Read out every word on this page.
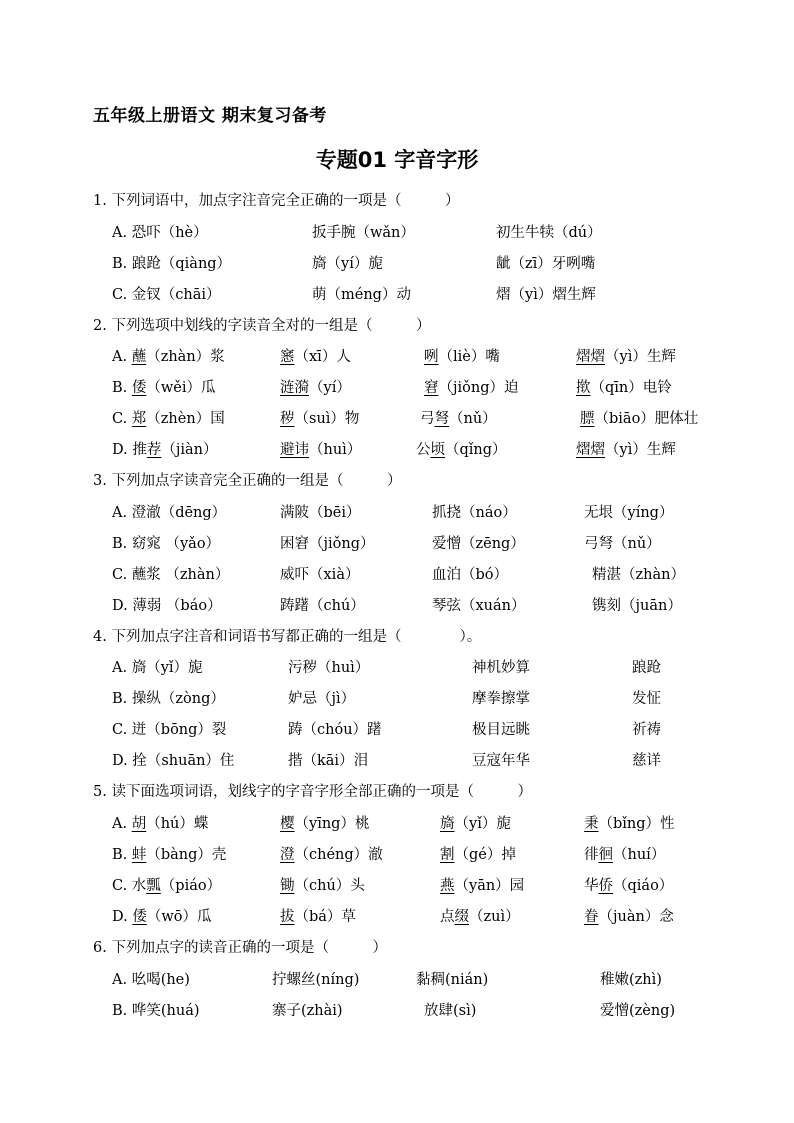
五年级上册语文 期末复习备考
专题01 字音字形
1. 下列词语中，加点字注音完全正确的一项是（　　　）
A. 恐吓（hè）	扳手腕（wǎn）	初生牛犊（dú）
B. 踉跄（qiàng）	旖（yí）旎	龇（zī）牙咧嘴
C. 金钗（chāi）	萌（méng）动	熠（yì）熠生辉
2. 下列选项中划线的字读音全对的一组是（　　　）
A. 蘸（zhàn）浆	窸（xī）人	咧（liè）嘴	熠熠（yì）生辉
B. 倭（wěi）瓜	涟漪（yí）	窘（jiǒng）迫	揿（qīn）电铃
C. 郑（zhèn）国	秽（suì）物	弓弩（nǔ）	膘（biāo）肥体壮
D. 推荐（jiàn）	避讳（huì）	公顷（qǐng）	熠熠（yì）生辉
3. 下列加点字读音完全正确的一组是（　　　）
A. 澄澈（dēng）	满陂（bēi）	抓挠（náo）	无垠（yíng）
B. 窈窕 （yǎo）	困窘（jiǒng）	爱憎（zēng）	弓弩（nǔ）
C. 蘸浆 （zhàn）	威吓（xià）	血泊（bó）	精湛（zhàn）
D. 薄弱 （báo）	踌躇（chú）	琴弦（xuán）	镌刻（juān）
4. 下列加点字注音和词语书写都正确的一组是（　　　　）。
A. 旖（yǐ）旎	污秽（huì）	神机妙算	踉跄
B. 操纵（zòng）	妒忌（jì）	摩拳擦掌	发怔
C. 迸（bōng）裂	踌（chóu）躇	极目远眺	祈祷
D. 拴（shuān）住	揩（kāi）泪	豆寇年华	慈详
5. 读下面选项词语，划线字的字音字形全部正确的一项是（　　　）
A. 胡（hú）蝶	樱（yīng）桃	旖（yǐ）旎	秉（bǐng）性
B. 蚌（bàng）壳	澄（chéng）澈	割（gé）掉	徘徊（huí）
C. 水瓢（piáo）	锄（chú）头	燕（yān）园	华侨（qiáo）
D. 倭（wō）瓜	拔（bá）草	点缀（zuì）	眷（juàn）念
6. 下列加点字的读音正确的一项是（　　　）
A. 吆喝(he)	拧螺丝(níng)	黏稠(nián)	稚嫩(zhì)
B. 哗笑(huá)	寨子(zhài)	放肆(sì)	爱憎(zèng)
